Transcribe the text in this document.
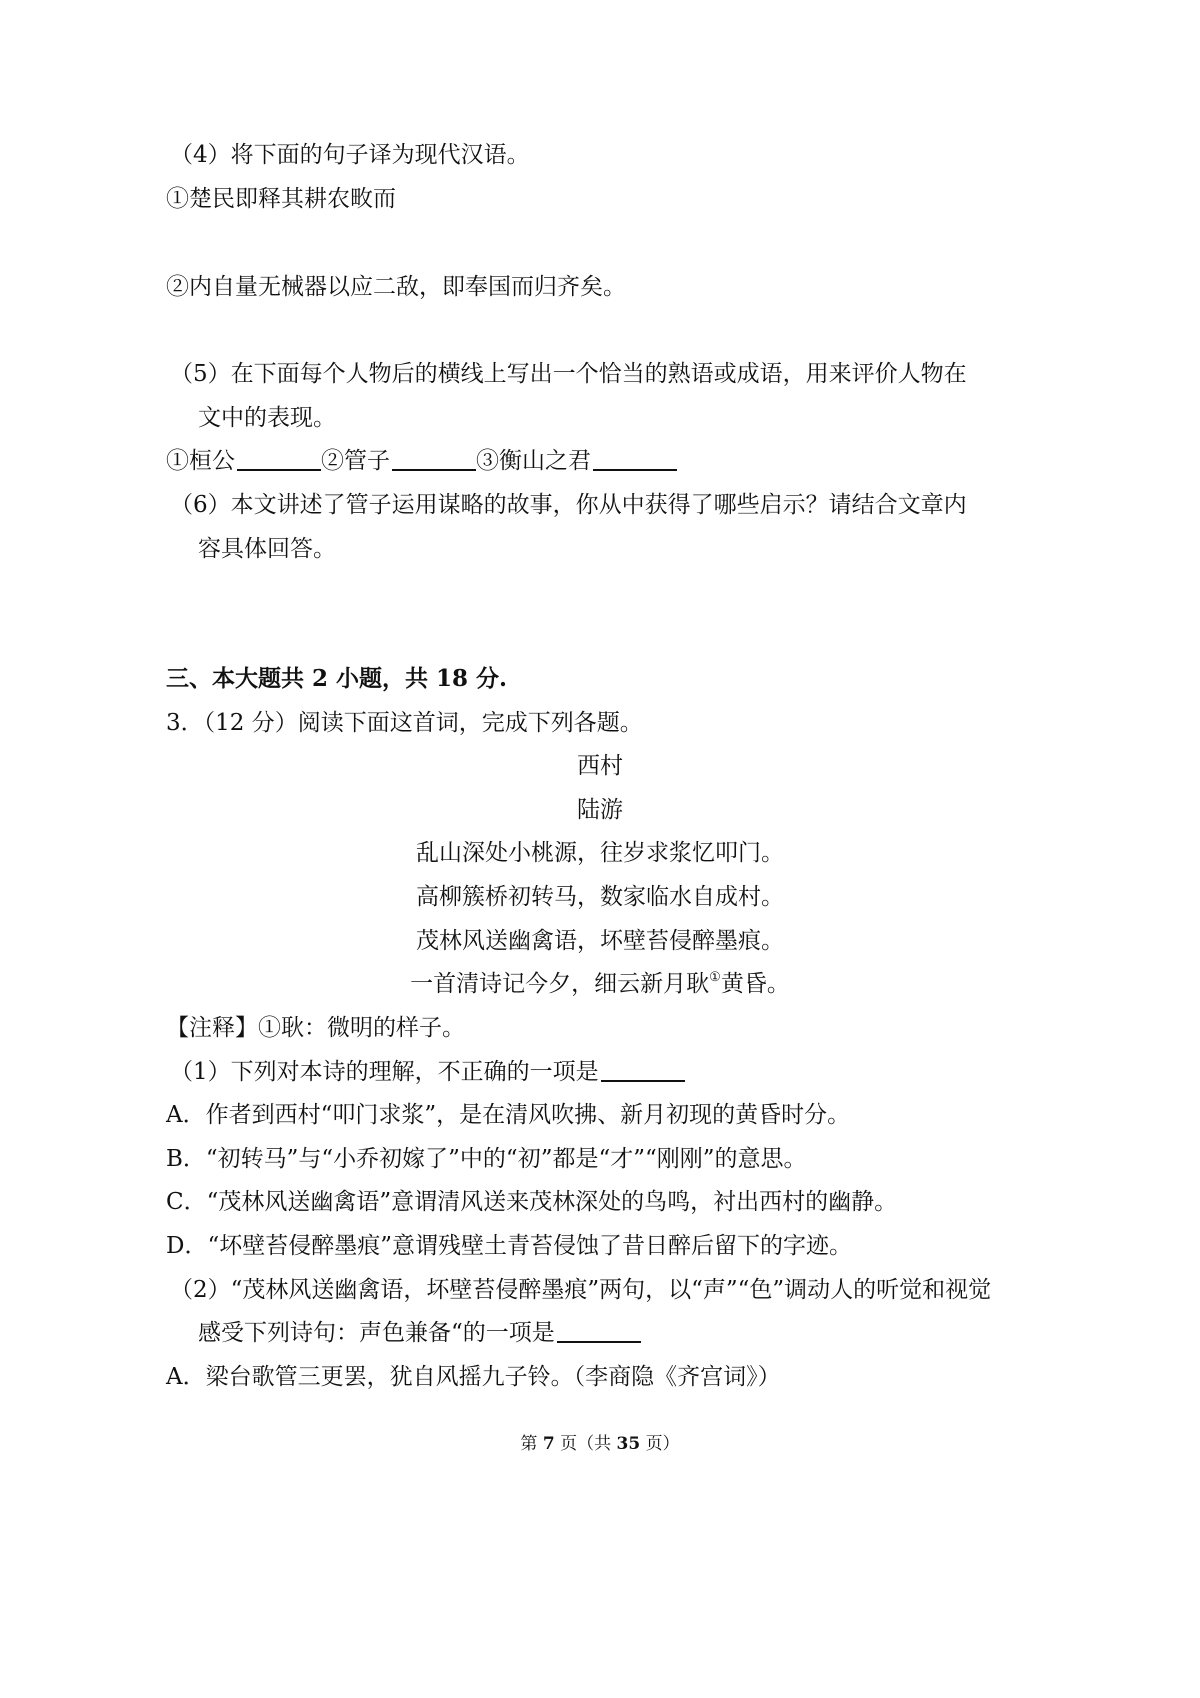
（4）将下面的句子译为现代汉语。
①楚民即释其耕农畋而
②内自量无械器以应二敌，即奉国而归齐矣。
（5）在下面每个人物后的横线上写出一个恰当的熟语或成语，用来评价人物在
文中的表现。
①桓公	②管子	③衡山之君
（6）本文讲述了管子运用谋略的故事，你从中获得了哪些启示？请结合文章内
容具体回答。
三、本大题共 2 小题，共 18 分.
3．（12 分）阅读下面这首词，完成下列各题。
西村
陆游
乱山深处小桃源，往岁求浆忆叩门。
高柳簇桥初转马，数家临水自成村。
茂林风送幽禽语，坏壁苔侵醉墨痕。
一首清诗记今夕，细云新月耿①黄昏。
【注释】①耿：微明的样子。
（1）下列对本诗的理解，不正确的一项是
A．作者到西村“叩门求浆”，是在清风吹拂、新月初现的黄昏时分。
B．“初转马”与“小乔初嫁了”中的“初”都是“才”“刚刚”的意思。
C．“茂林风送幽禽语”意谓清风送来茂林深处的鸟鸣，衬出西村的幽静。
D．“坏壁苔侵醉墨痕”意谓残壁土青苔侵蚀了昔日醉后留下的字迹。
（2）“茂林风送幽禽语，坏壁苔侵醉墨痕”两句，以“声”“色”调动人的听觉和视觉
感受下列诗句：声色兼备“的一项是
A．梁台歌管三更罢，犹自风摇九子铃。（李商隐《齐宫词》）
第 7 页（共 35 页）
